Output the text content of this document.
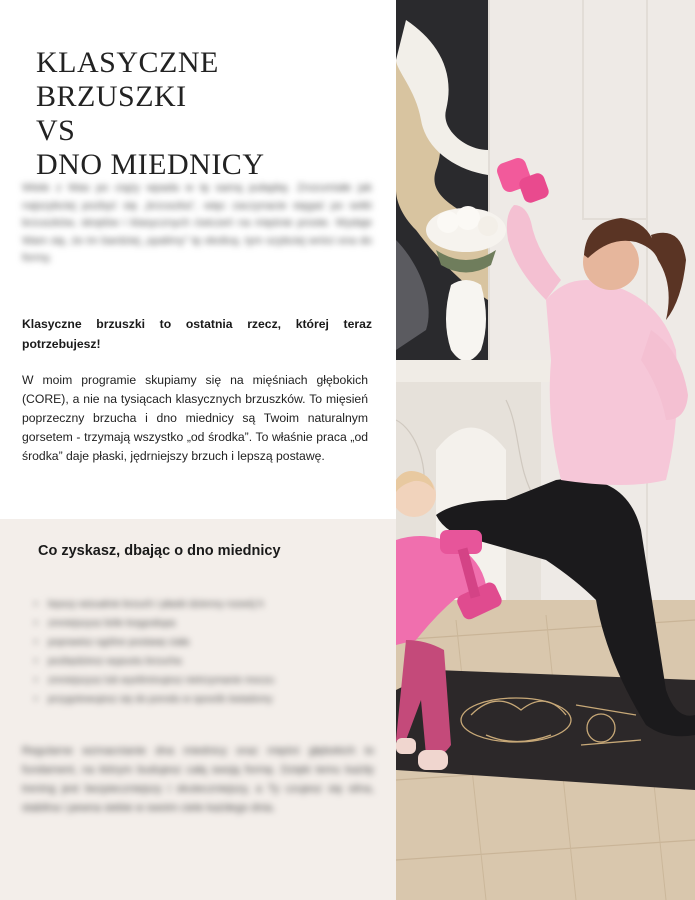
KLASYCZNE BRZUSZKI
VS
DNO MIEDNICY

Wiele z Was po ciąży wpada w tę samą pułapkę. Zrozumiałe jak najszybciej pozbyć się „brzuszka”, więc zaczynacie sięgać po setki brzuszków, skrętów i klasycznych ćwiczeń na mięśnie proste. Wydaje Wam się, że im bardziej „spalimy” tę okolicę, tym szybciej wróci ona do formy.

Klasyczne brzuszki to ostatnia rzecz, której teraz potrzebujesz!

W moim programie skupiamy się na mięśniach głębokich (CORE), a nie na tysiącach klasycznych brzuszków. To mięsień poprzeczny brzucha i dno miednicy są Twoim naturalnym gorsetem - trzymają wszystko „od środka”. To właśnie praca „od środka” daje płaski, jędrniejszy brzuch i lepszą postawę.

Co zyskasz, dbając o dno miednicy
• lepszy wizualnie brzuch i płaski dzienny rozwój h
• zmniejszysz bóle kręgosłupa
• poprawisz ogólne postawę ciała
• pozbędziesz wypustu brzucha
• zmniejszysz lub wyeliminujesz nietrzymanie moczu
• przygotowujesz się do porodu w sposób świadomy

Regularne wzmacnianie dna miednicy oraz mięśni głębokich to fundament, na którym budujesz całą swoją formę. Dzięki temu każdy trening jest bezpieczniejszy i skuteczniejszy, a Ty czujesz się silna, stabilna i pewna siebie w swoim ciele każdego dnia.
